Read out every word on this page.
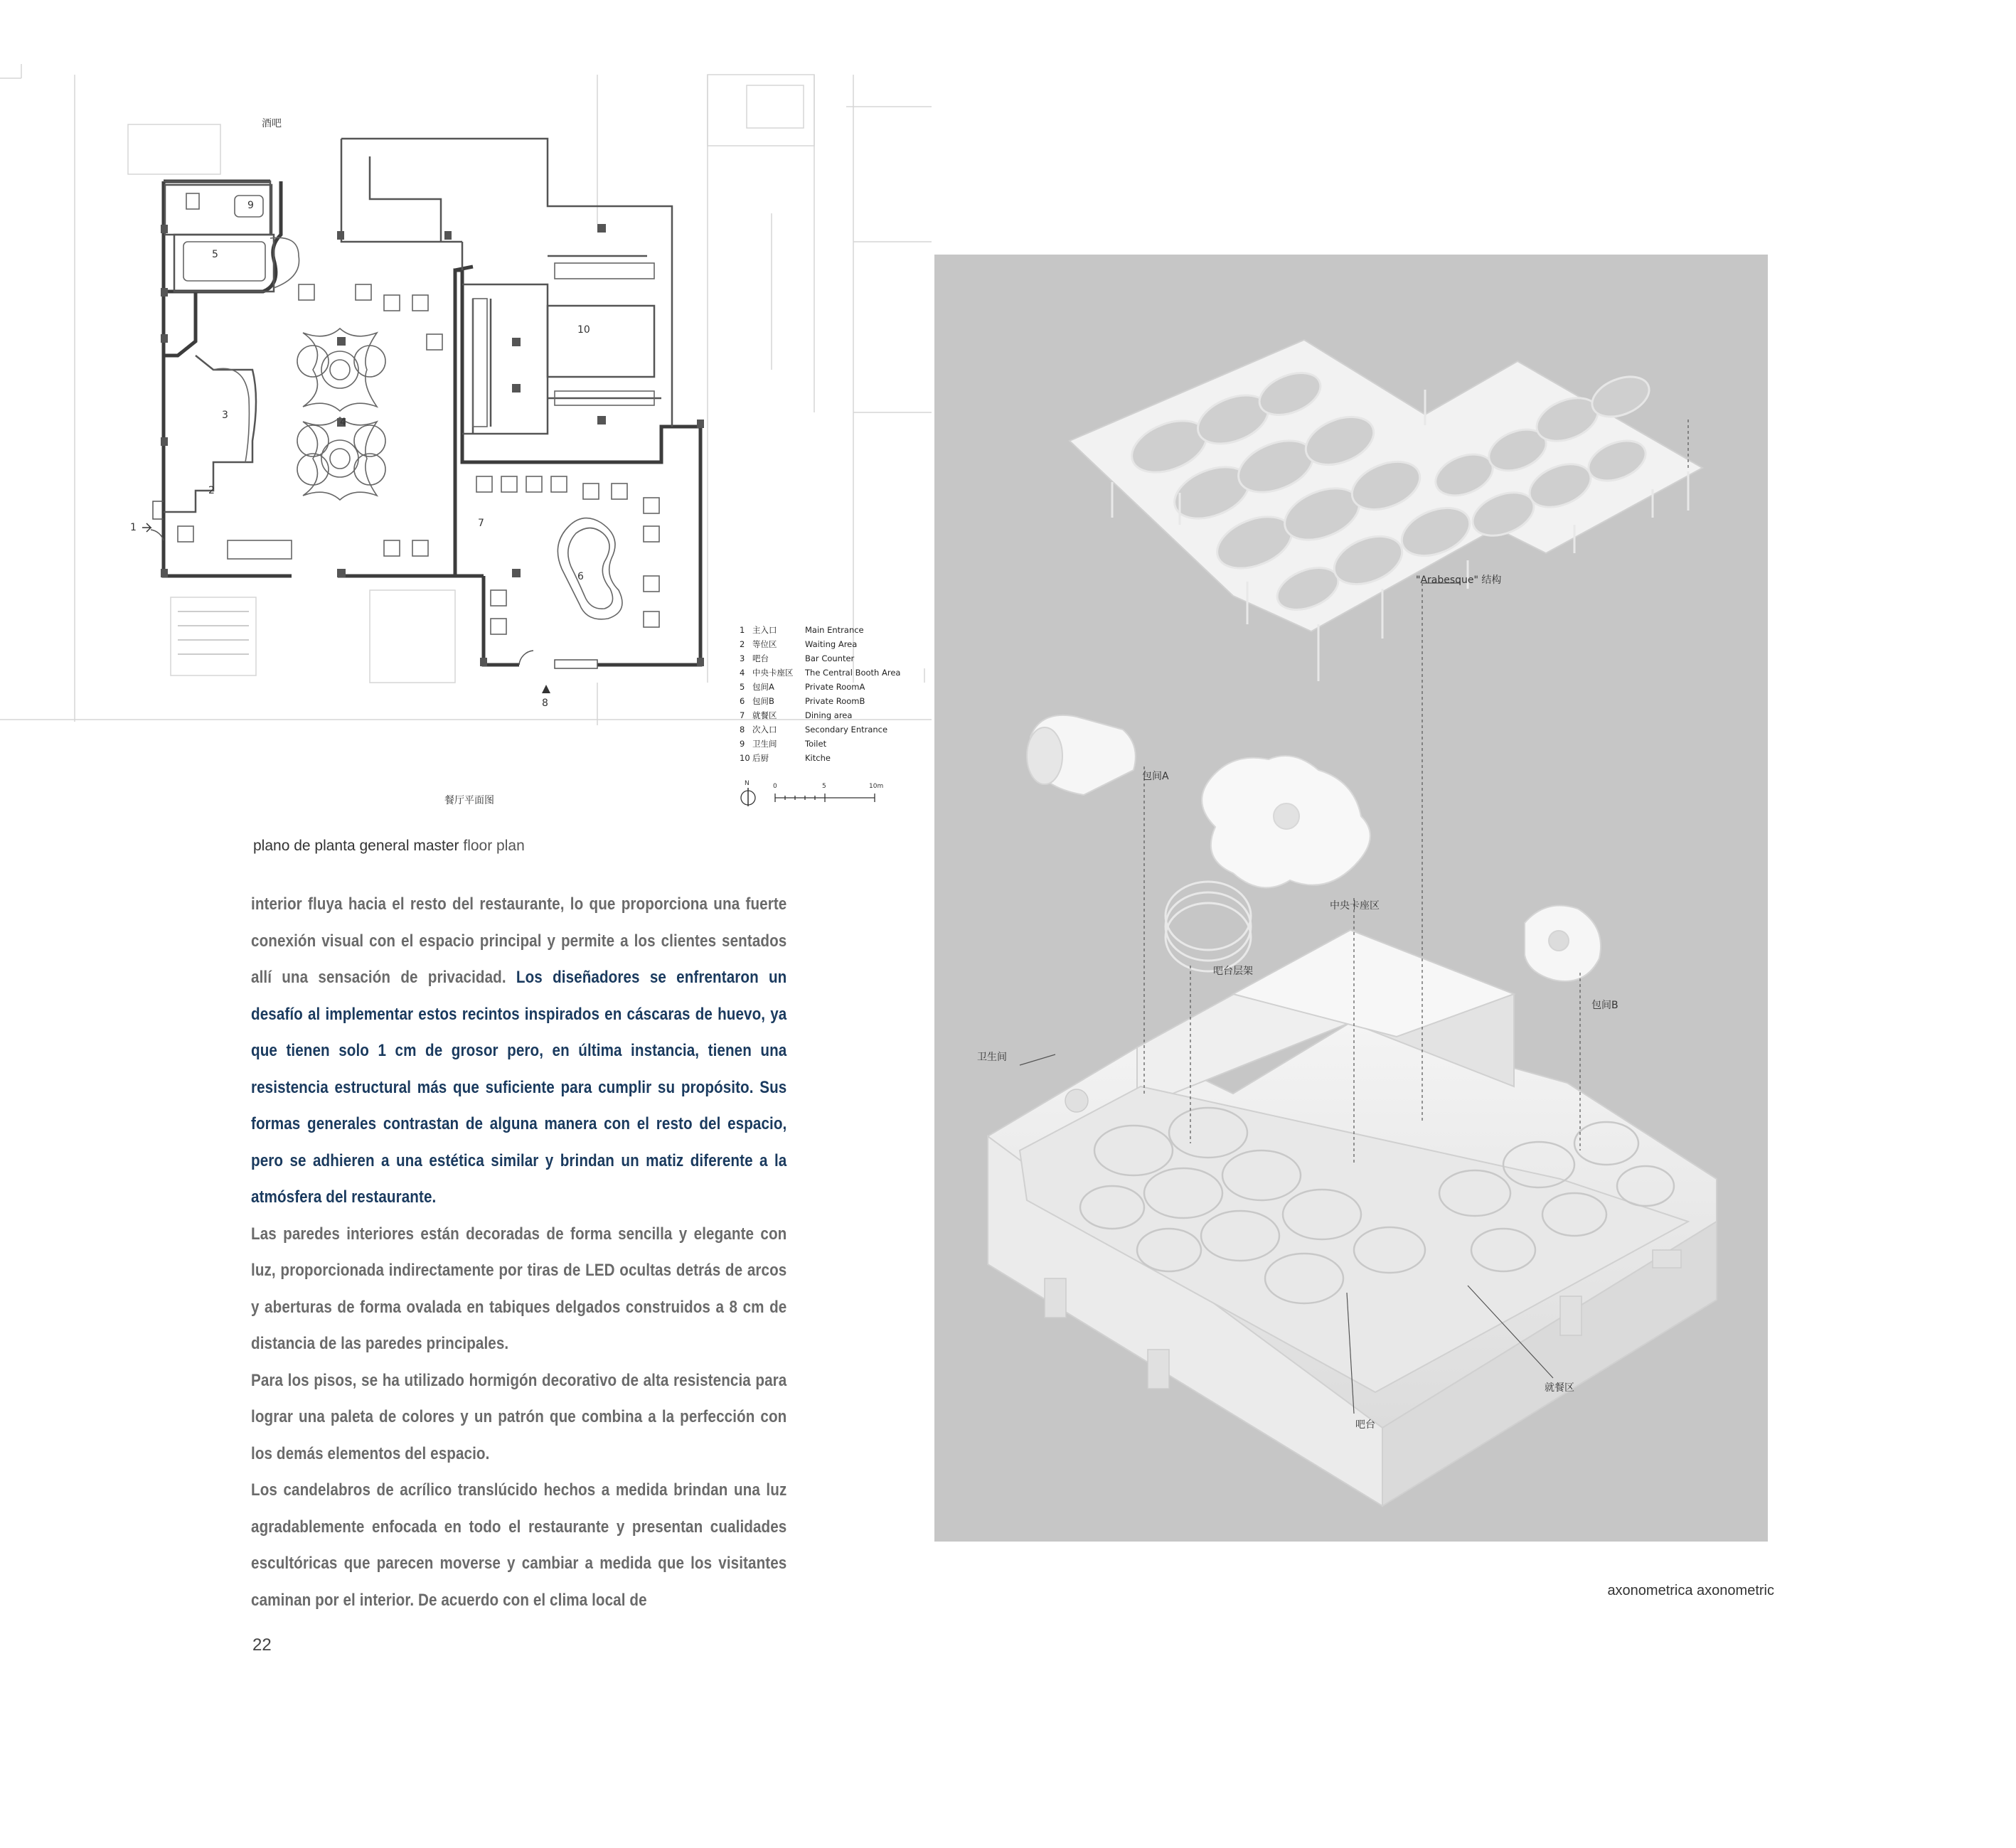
酒吧
1
2
3
4
5
6
7
8
9
10
餐厅平面图
N	0	5	10m
1 主入口	Main Entrance
2 等位区	Waiting Area
3 吧台	Bar Counter
4 中央卡座区	The Central Booth Area
5 包间A	Private RoomA
6 包间B	Private RoomB
7 就餐区	Dining area
8 次入口	Secondary Entrance
9 卫生间	Toilet
10 后厨	Kitche
plano de planta general master floor plan
interior fluya hacia el resto del restaurante, lo que proporciona una fuerte conexión visual con el espacio principal y permite a los clientes sentados allí una sensación de privacidad. Los diseñadores se enfrentaron un desafío al implementar estos recintos inspirados en cáscaras de huevo, ya que tienen solo 1 cm de grosor pero, en última instancia, tienen una resistencia estructural más que suficiente para cumplir su propósito. Sus formas generales contrastan de alguna manera con el resto del espacio, pero se adhieren a una estética similar y brindan un matiz diferente a la atmósfera del restaurante.
Las paredes interiores están decoradas de forma sencilla y elegante con luz, proporcionada indirectamente por tiras de LED ocultas detrás de arcos y aberturas de forma ovalada en tabiques delgados construidos a 8 cm de distancia de las paredes principales.
Para los pisos, se ha utilizado hormigón decorativo de alta resistencia para lograr una paleta de colores y un patrón que combina a la perfección con los demás elementos del espacio.
Los candelabros de acrílico translúcido hechos a medida brindan una luz agradablemente enfocada en todo el restaurante y presentan cualidades escultóricas que parecen moverse y cambiar a medida que los visitantes caminan por el interior. De acuerdo con el clima local de
22
"Arabesque" 结构
包间A
中央卡座区
吧台层架
包间B
卫生间
就餐区
吧台
axonometrica axonometric
